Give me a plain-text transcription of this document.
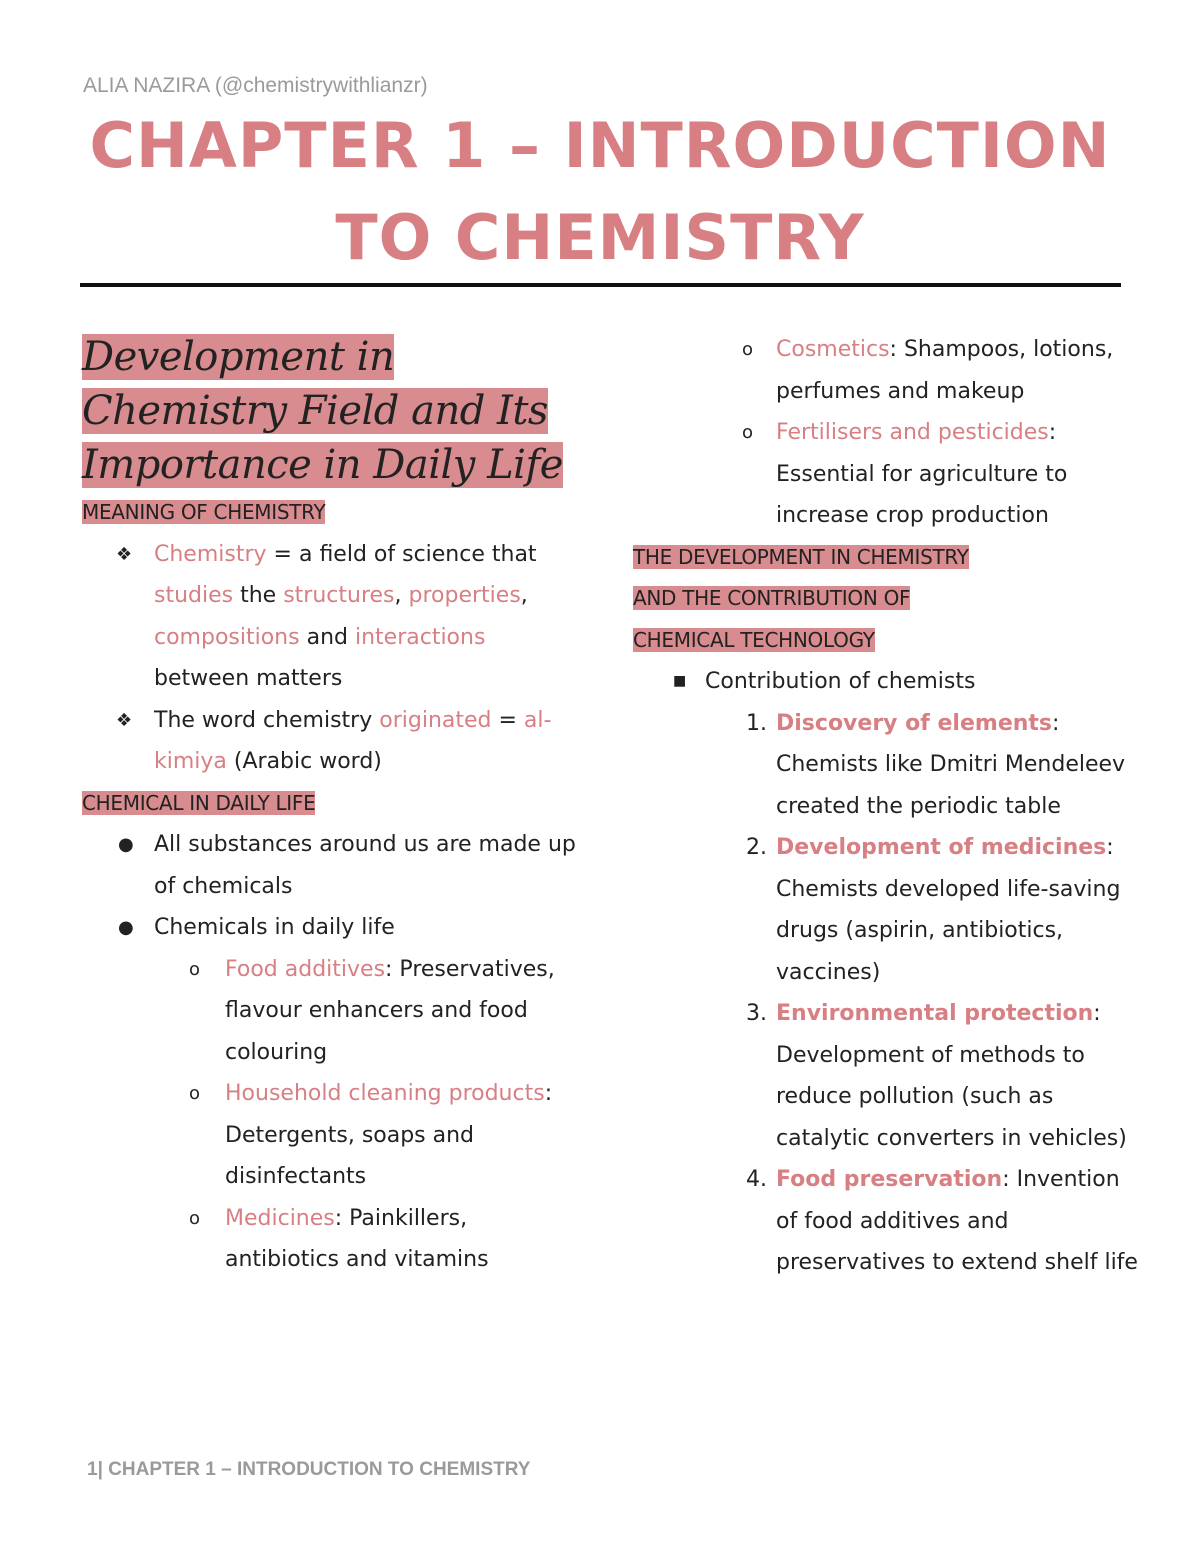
ALIA NAZIRA (@chemistrywithlianzr)
CHAPTER 1 – INTRODUCTION
TO CHEMISTRY
Development in Chemistry Field and Its Importance in Daily Life
MEANING OF CHEMISTRY
❖ Chemistry = a field of science that studies the structures, properties, compositions and interactions between matters
❖ The word chemistry originated = al-kimiya (Arabic word)
CHEMICAL IN DAILY LIFE
● All substances around us are made up of chemicals
● Chemicals in daily life
o Food additives: Preservatives, flavour enhancers and food colouring
o Household cleaning products: Detergents, soaps and disinfectants
o Medicines: Painkillers, antibiotics and vitamins
o Cosmetics: Shampoos, lotions, perfumes and makeup
o Fertilisers and pesticides: Essential for agriculture to increase crop production
THE DEVELOPMENT IN CHEMISTRY
AND THE CONTRIBUTION OF
CHEMICAL TECHNOLOGY
■ Contribution of chemists
1. Discovery of elements: Chemists like Dmitri Mendeleev created the periodic table
2. Development of medicines: Chemists developed life-saving drugs (aspirin, antibiotics, vaccines)
3. Environmental protection: Development of methods to reduce pollution (such as catalytic converters in vehicles)
4. Food preservation: Invention of food additives and preservatives to extend shelf life
1| CHAPTER 1 – INTRODUCTION TO CHEMISTRY
